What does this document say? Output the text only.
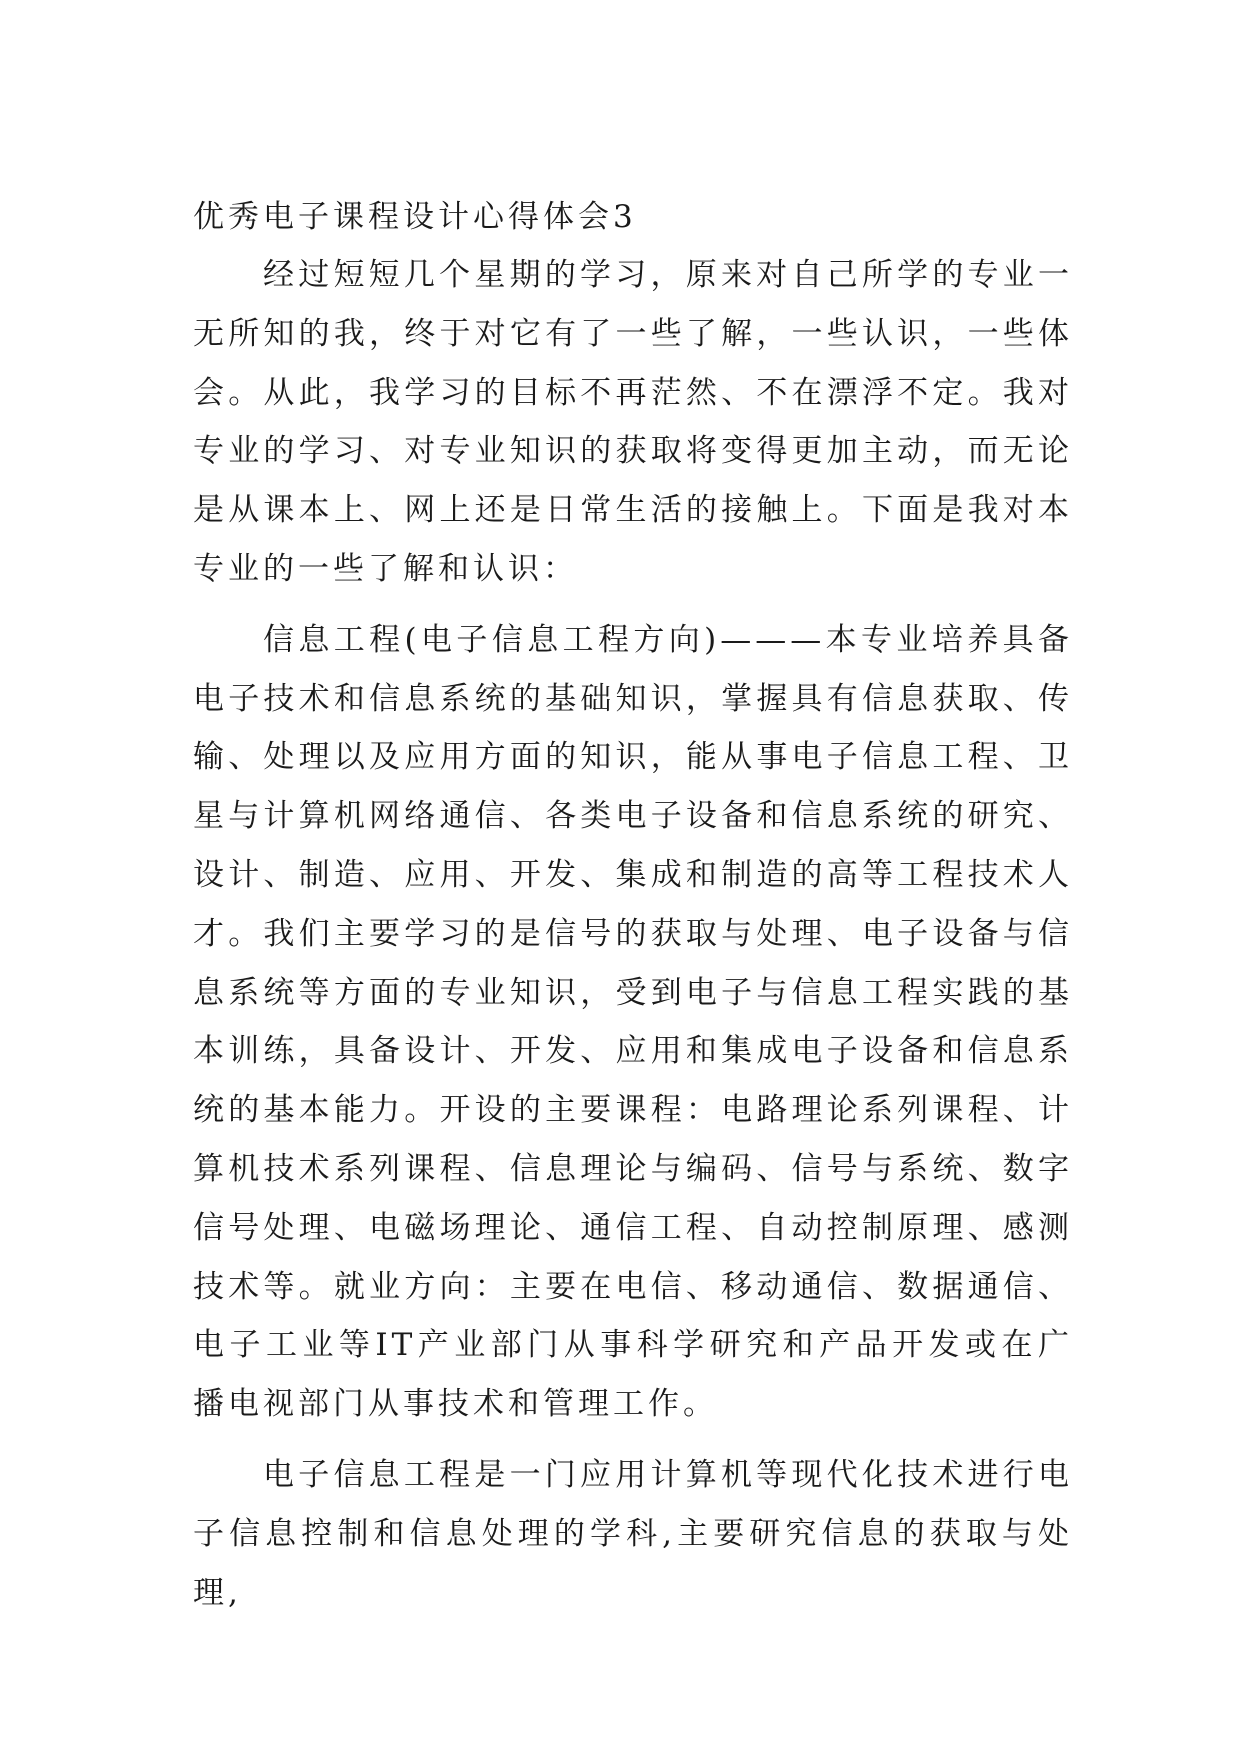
优秀电子课程设计心得体会3

经过短短几个星期的学习，原来对自己所学的专业一无所知的我，终于对它有了一些了解，一些认识，一些体会。从此，我学习的目标不再茫然、不在漂浮不定。我对专业的学习、对专业知识的获取将变得更加主动，而无论是从课本上、网上还是日常生活的接触上。下面是我对本专业的一些了解和认识：

信息工程(电子信息工程方向)———本专业培养具备电子技术和信息系统的基础知识，掌握具有信息获取、传输、处理以及应用方面的知识，能从事电子信息工程、卫星与计算机网络通信、各类电子设备和信息系统的研究、设计、制造、应用、开发、集成和制造的高等工程技术人才。我们主要学习的是信号的获取与处理、电子设备与信息系统等方面的专业知识，受到电子与信息工程实践的基本训练，具备设计、开发、应用和集成电子设备和信息系统的基本能力。开设的主要课程：电路理论系列课程、计算机技术系列课程、信息理论与编码、信号与系统、数字信号处理、电磁场理论、通信工程、自动控制原理、感测技术等。就业方向：主要在电信、移动通信、数据通信、电子工业等IT产业部门从事科学研究和产品开发或在广播电视部门从事技术和管理工作。

电子信息工程是一门应用计算机等现代化技术进行电子信息控制和信息处理的学科,主要研究信息的获取与处理,
